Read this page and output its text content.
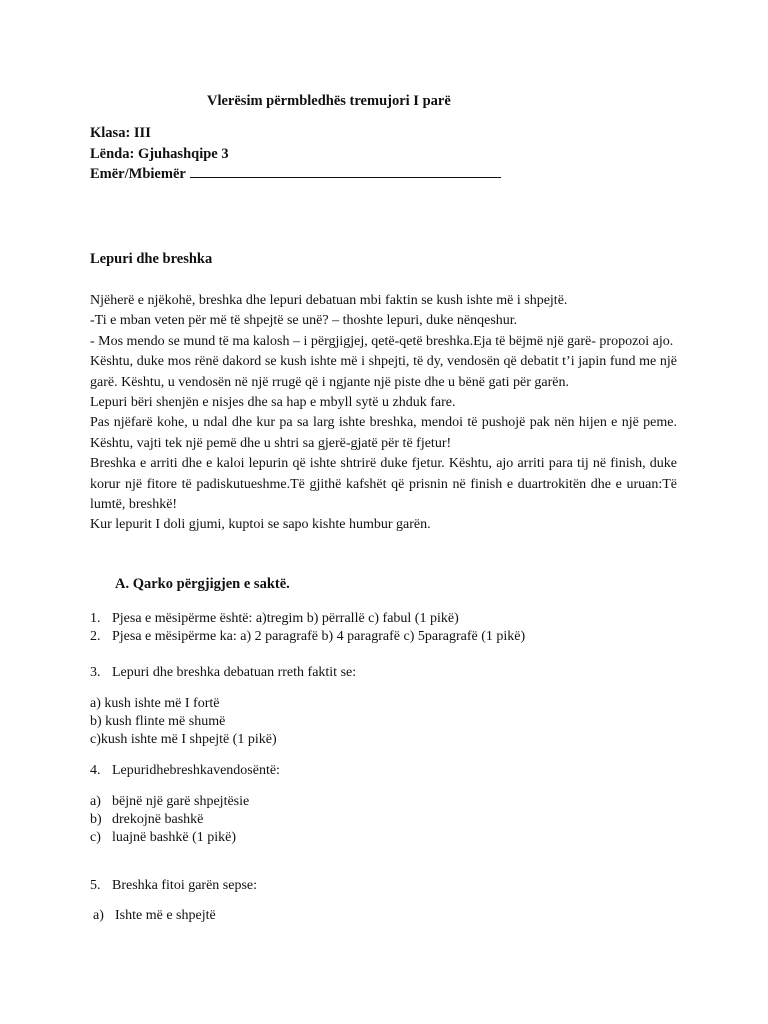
Vlerësim përmbledhës tremujori I parë
Klasa: III
Lënda: Gjuhashqipe 3
Emër/Mbiemër
Lepuri dhe breshka

Njëherë e njëkohë, breshka dhe lepuri debatuan mbi faktin se kush ishte më i shpejtë.

-Ti e mban veten për më të shpejtë se unë? – thoshte lepuri, duke nënqeshur.

- Mos mendo se mund të ma kalosh – i përgjigjej, qetë-qetë breshka.Eja të bëjmë një garë- propozoi ajo.

Kështu, duke mos rënë dakord se kush ishte më i shpejti, të dy, vendosën që debatit t’i japin fund me një garë. Kështu, u vendosën në një rrugë që i ngjante një piste dhe u bënë gati për garën.

Lepuri bëri shenjën e nisjes dhe sa hap e mbyll sytë u zhduk fare.

Pas njëfarë kohe, u ndal dhe kur pa sa larg ishte breshka, mendoi të pushojë pak nën hijen e një peme. Kështu, vajti tek një pemë dhe u shtri sa gjerë-gjatë për të fjetur!

Breshka e arriti dhe e kaloi lepurin që ishte shtrirë duke fjetur. Kështu, ajo arriti para tij në finish, duke korur një fitore të padiskutueshme.Të gjithë kafshët që prisnin në finish e duartrokitën dhe e uruan:Të lumtë, breshkë!

Kur lepurit I doli gjumi, kuptoi se sapo kishte humbur garën.

A. Qarko përgjigjen e saktë.
1. Pjesa e mësipërme është: a)tregim b) përrallë c) fabul (1 pikë)
2. Pjesa e mësipërme ka: a) 2 paragrafë b) 4 paragrafë c) 5paragrafë (1 pikë)
3. Lepuri dhe breshka debatuan rreth faktit se:
a) kush ishte më I fortë
b) kush flinte më shumë
c)kush ishte më I shpejtë (1 pikë)
4. Lepuridhebreshkavendosëntë:
a) bëjnë një garë shpejtësie
b) drekojnë bashkë
c) luajnë bashkë (1 pikë)
5. Breshka fitoi garën sepse:
a) Ishte më e shpejtë
